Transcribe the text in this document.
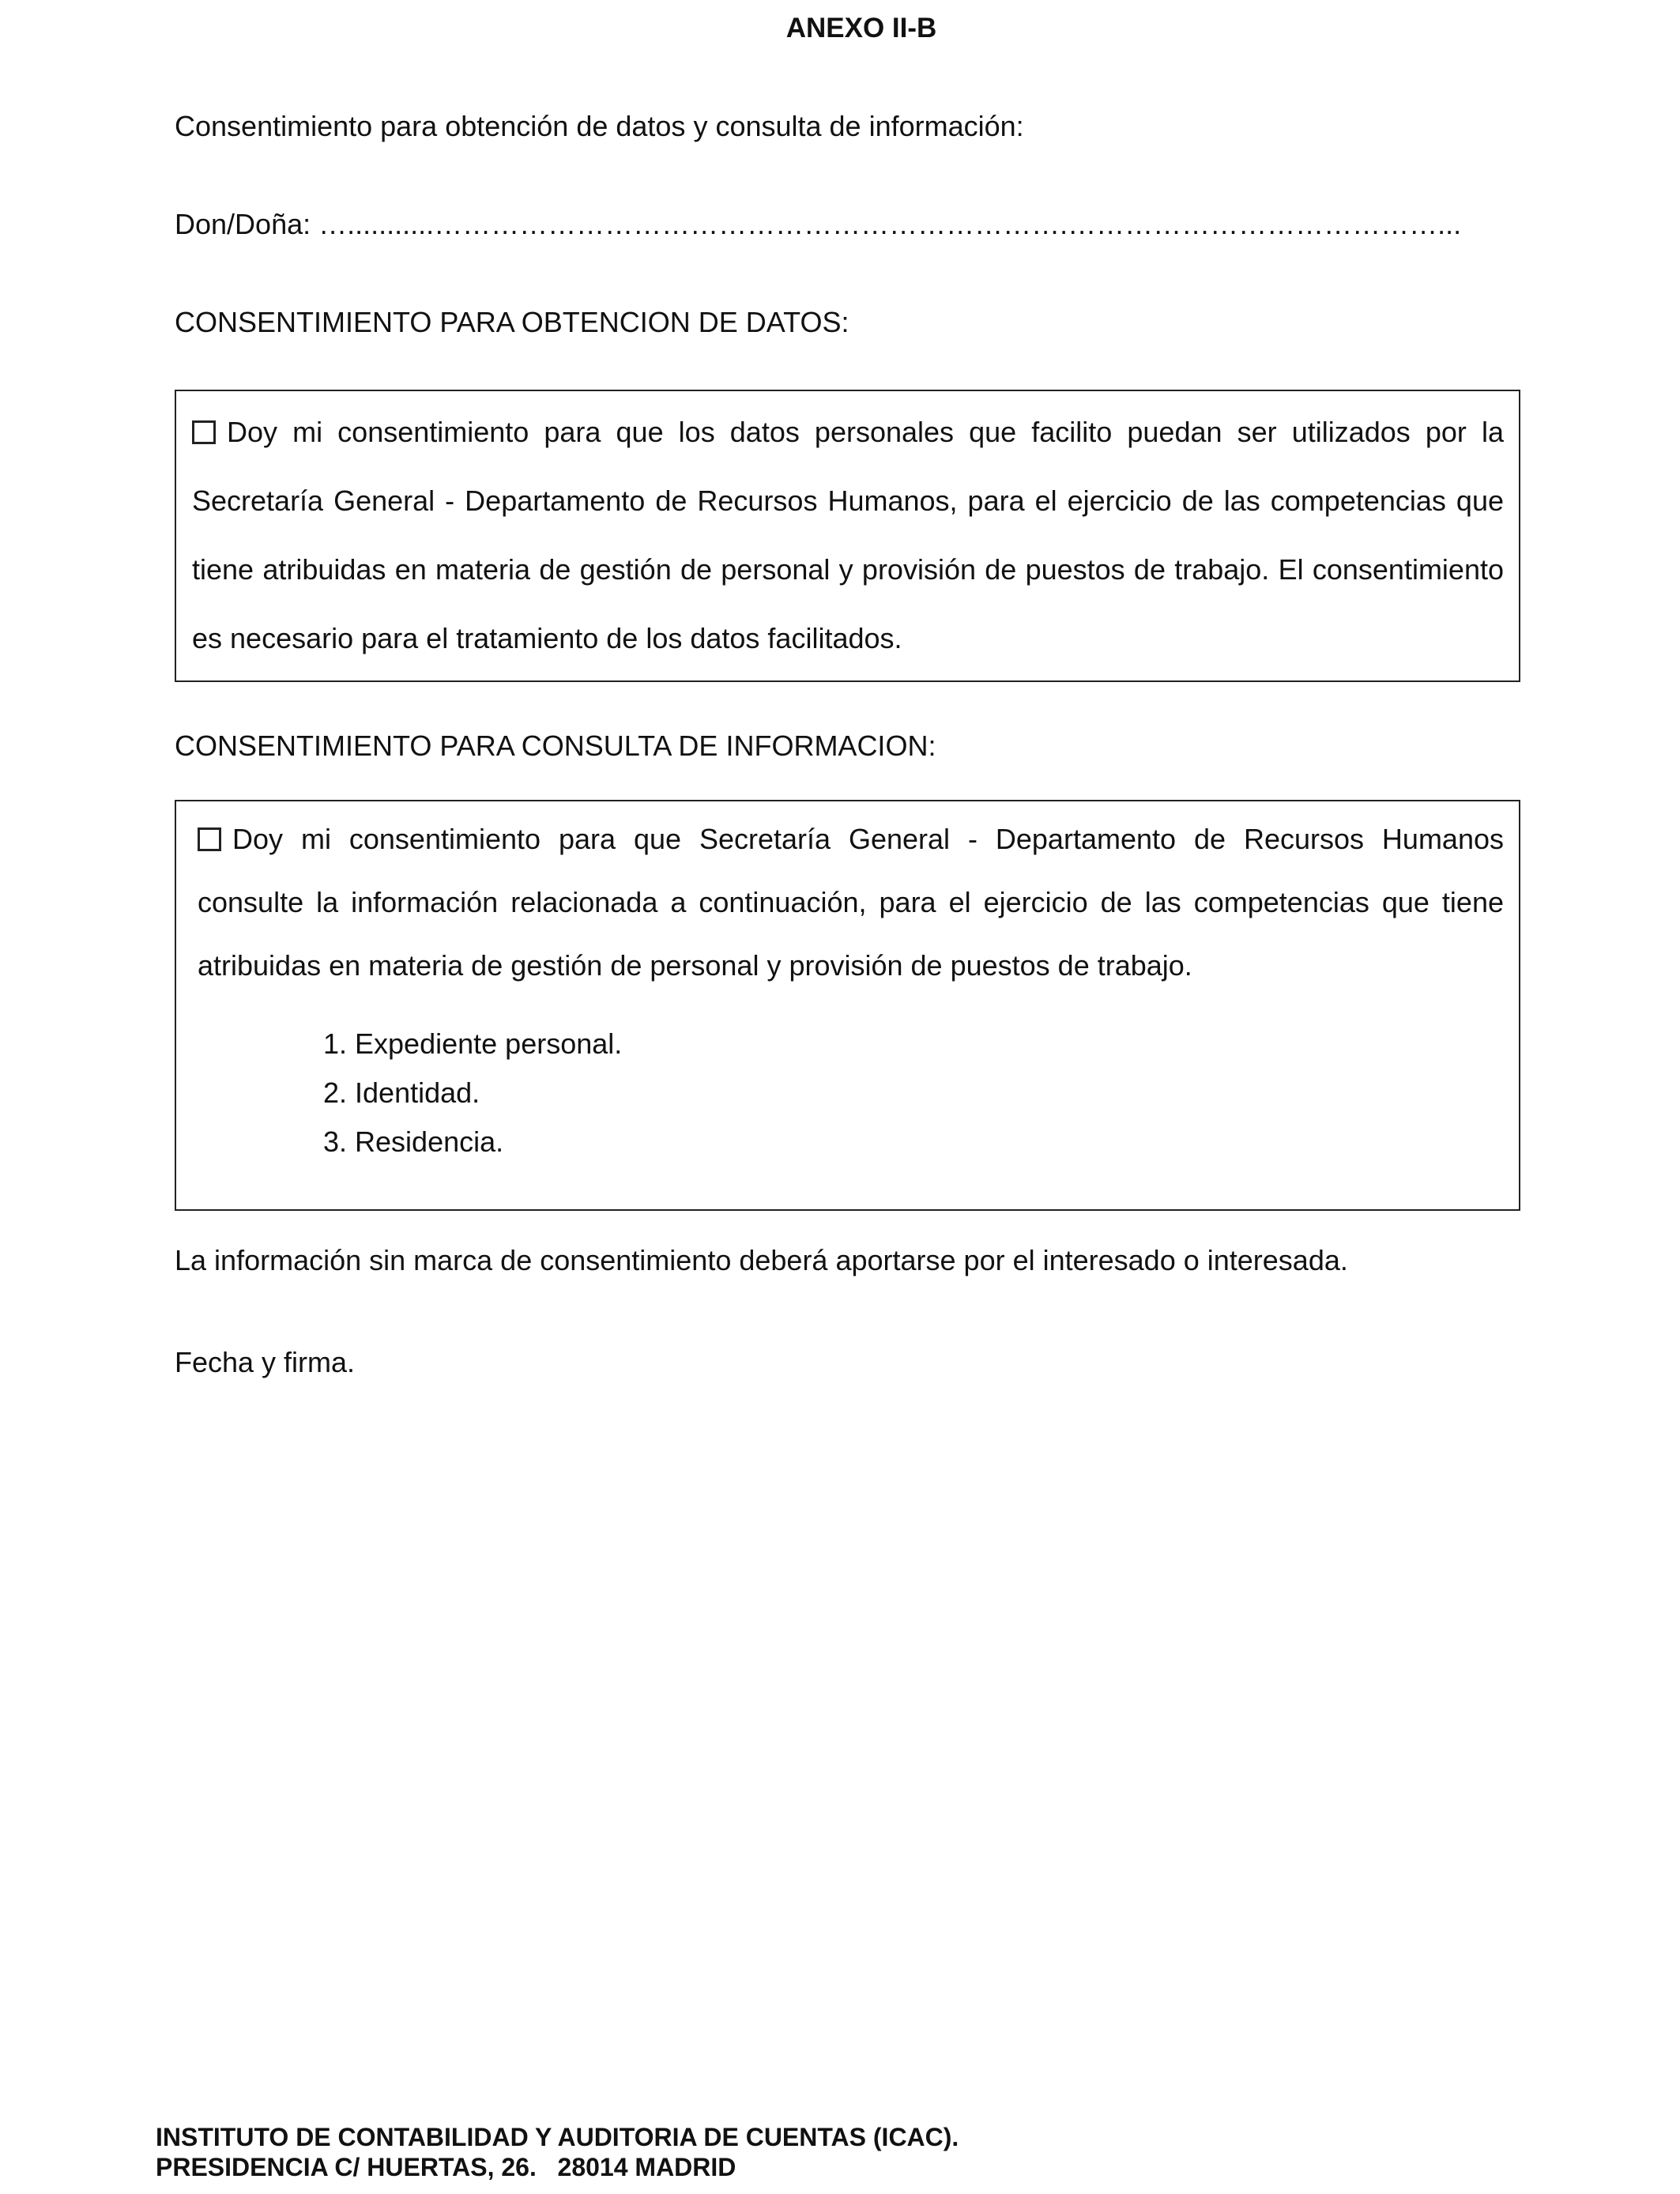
ANEXO II-B
Consentimiento para obtención de datos y consulta de información:
Don/Doña: …...........………………………………………………………….…………………………………...
CONSENTIMIENTO PARA OBTENCION DE DATOS:
Doy mi consentimiento para que los datos personales que facilito puedan ser utilizados por la Secretaría General - Departamento de Recursos Humanos, para el ejercicio de las competencias que tiene atribuidas en materia de gestión de personal y provisión de puestos de trabajo. El consentimiento es necesario para el tratamiento de los datos facilitados.
CONSENTIMIENTO PARA CONSULTA DE INFORMACION:
Doy mi consentimiento para que Secretaría General - Departamento de Recursos Humanos consulte la información relacionada a continuación, para el ejercicio de las competencias que tiene atribuidas en materia de gestión de personal y provisión de puestos de trabajo.
1. Expediente personal.
2. Identidad.
3. Residencia.
La información sin marca de consentimiento deberá aportarse por el interesado o interesada.
Fecha y firma.
INSTITUTO DE CONTABILIDAD Y AUDITORIA DE CUENTAS (ICAC).
PRESIDENCIA C/ HUERTAS, 26.   28014 MADRID
